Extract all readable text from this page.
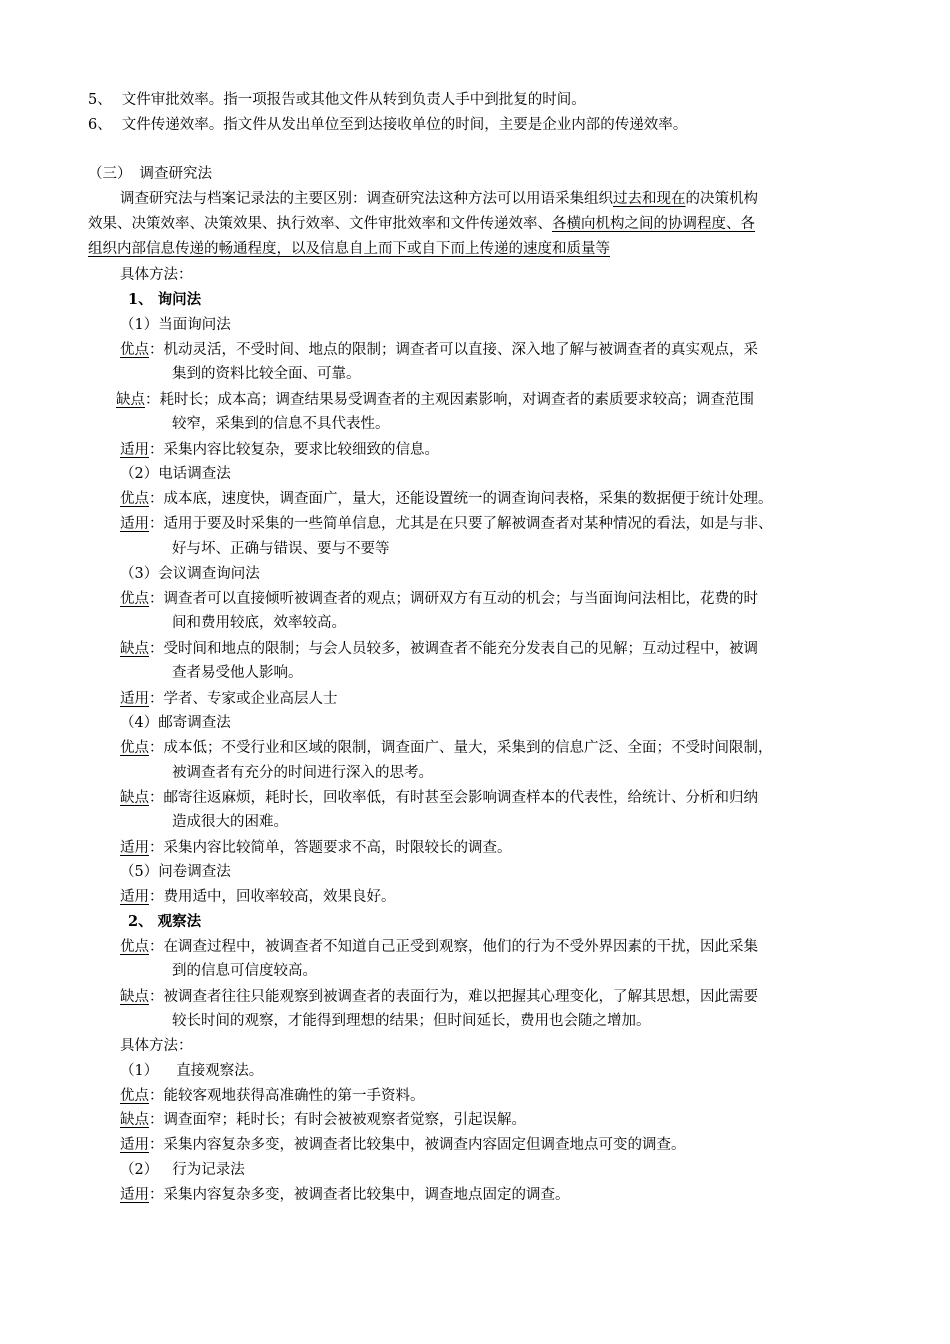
5、 文件审批效率。指一项报告或其他文件从转到负责人手中到批复的时间。
6、 文件传递效率。指文件从发出单位至到达接收单位的时间，主要是企业内部的传递效率。
（三） 调查研究法
调查研究法与档案记录法的主要区别：调查研究法这种方法可以用语采集组织过去和现在的决策机构
效果、决策效率、决策效果、执行效率、文件审批效率和文件传递效率、各横向机构之间的协调程度、各
组织内部信息传递的畅通程度，以及信息自上而下或自下而上传递的速度和质量等
具体方法：
1、 询问法
（1）当面询问法
优点：机动灵活，不受时间、地点的限制；调查者可以直接、深入地了解与被调查者的真实观点，采
集到的资料比较全面、可靠。
缺点：耗时长；成本高；调查结果易受调查者的主观因素影响，对调查者的素质要求较高；调查范围
较窄，采集到的信息不具代表性。
适用：采集内容比较复杂，要求比较细致的信息。
（2）电话调查法
优点：成本底，速度快，调查面广，量大，还能设置统一的调查询问表格，采集的数据便于统计处理。
适用：适用于要及时采集的一些简单信息，尤其是在只要了解被调查者对某种情况的看法，如是与非、
好与坏、正确与错误、要与不要等
（3）会议调查询问法
优点：调查者可以直接倾听被调查者的观点；调研双方有互动的机会；与当面询问法相比，花费的时
间和费用较底，效率较高。
缺点：受时间和地点的限制；与会人员较多，被调查者不能充分发表自己的见解；互动过程中，被调
查者易受他人影响。
适用：学者、专家或企业高层人士
（4）邮寄调查法
优点：成本低；不受行业和区域的限制，调查面广、量大，采集到的信息广泛、全面；不受时间限制，
被调查者有充分的时间进行深入的思考。
缺点：邮寄往返麻烦，耗时长，回收率低，有时甚至会影响调查样本的代表性，给统计、分析和归纳
造成很大的困难。
适用：采集内容比较简单，答题要求不高，时限较长的调查。
（5）问卷调查法
适用：费用适中，回收率较高，效果良好。
2、 观察法
优点：在调查过程中，被调查者不知道自己正受到观察，他们的行为不受外界因素的干扰，因此采集
到的信息可信度较高。
缺点：被调查者往往只能观察到被调查者的表面行为，难以把握其心理变化，了解其思想，因此需要
较长时间的观察，才能得到理想的结果；但时间延长，费用也会随之增加。
具体方法：
（1） 直接观察法。
优点：能较客观地获得高准确性的第一手资料。
缺点：调查面窄；耗时长；有时会被被观察者觉察，引起误解。
适用：采集内容复杂多变，被调查者比较集中，被调查内容固定但调查地点可变的调查。
（2） 行为记录法
适用：采集内容复杂多变，被调查者比较集中，调查地点固定的调查。
